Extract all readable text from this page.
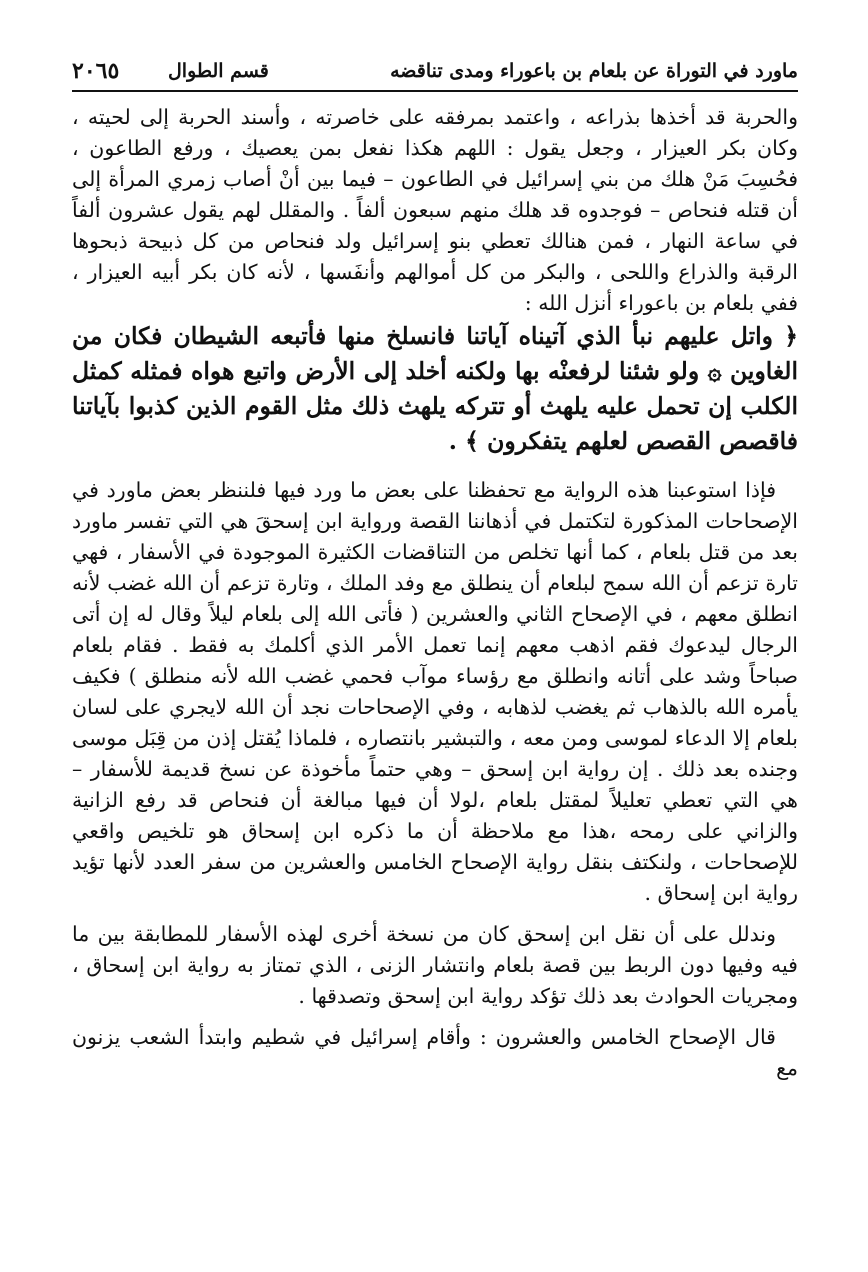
ماورد في التوراة عن بلعام بن باعوراء ومدى تناقضه
قسم الطوال
٢٠٦٥

والحربة قد أخذها بذراعه ، واعتمد بمرفقه على خاصرته ، وأسند الحربة إلى لحيته ، وكان بكر العيزار ، وجعل يقول : اللهم هكذا نفعل بمن يعصيك ، ورفع الطاعون ، فحُسِبَ مَنْ هلك من بني إسرائيل في الطاعون – فيما بين أنْ أصاب زمري المرأة إلى أن قتله فنحاص – فوجدوه قد هلك منهم سبعون ألفاً . والمقلل لهم يقول عشرون ألفاً في ساعة النهار ، فمن هنالك تعطي بنو إسرائيل ولد فنحاص من كل ذبيحة ذبحوها الرقبة والذراع واللحى ، والبكر من كل أموالهم وأنفَسها ، لأنه كان بكر أبيه العيزار ، ففي بلعام بن باعوراء أنزل الله :

﴿ واتل عليهم نبأ الذي آتيناه آياتنا فانسلخ منها فأتبعه الشيطان فكان من الغاوين ۞ ولو شئنا لرفعنْه بها ولكنه أخلد إلى الأرض واتبع هواه فمثله كمثل الكلب إن تحمل عليه يلهث أو تتركه يلهث ذلك مثل القوم الذين كذبوا بآياتنا فاقصص القصص لعلهم يتفكرون ﴾ .

فإذا استوعبنا هذه الرواية مع تحفظنا على بعض ما ورد فيها فلننظر بعض ماورد في الإصحاحات المذكورة لتكتمل في أذهاننا القصة ورواية ابن إسحقَ هي التي تفسر ماورد بعد من قتل بلعام ، كما أنها تخلص من التناقضات الكثيرة الموجودة في الأسفار ، فهي تارة تزعم أن الله سمح لبلعام أن ينطلق مع وفد الملك ، وتارة تزعم أن الله غضب لأنه انطلق معهم ، في الإصحاح الثاني والعشرين ( فأتى الله إلى بلعام ليلاً وقال له إن أتى الرجال ليدعوك فقم اذهب معهم إنما تعمل الأمر الذي أكلمك به فقط . فقام بلعام صباحاً وشد على أتانه وانطلق مع رؤساء موآب فحمي غضب الله لأنه منطلق ) فكيف يأمره الله بالذهاب ثم يغضب لذهابه ، وفي الإصحاحات نجد أن الله لايجري على لسان بلعام إلا الدعاء لموسى ومن معه ، والتبشير بانتصاره ، فلماذا يُقتل إذن من قِبَل موسى وجنده بعد ذلك . إن رواية ابن إسحق – وهي حتماً مأخوذة عن نسخ قديمة للأسفار – هي التي تعطي تعليلاً لمقتل بلعام ،لولا أن فيها مبالغة أن فنحاص قد رفع الزانية والزاني على رمحه ،هذا مع ملاحظة أن ما ذكره ابن إسحاق هو تلخيص واقعي للإصحاحات ، ولنكتف بنقل رواية الإصحاح الخامس والعشرين من سفر العدد لأنها تؤيد رواية ابن إسحاق .

وندلل على أن نقل ابن إسحق كان من نسخة أخرى لهذه الأسفار للمطابقة بين ما فيه وفيها دون الربط بين قصة بلعام وانتشار الزنى ، الذي تمتاز به رواية ابن إسحاق ، ومجريات الحوادث بعد ذلك تؤكد رواية ابن إسحق وتصدقها .

قال الإصحاح الخامس والعشرون : وأقام إسرائيل في شطيم وابتدأ الشعب يزنون مع
